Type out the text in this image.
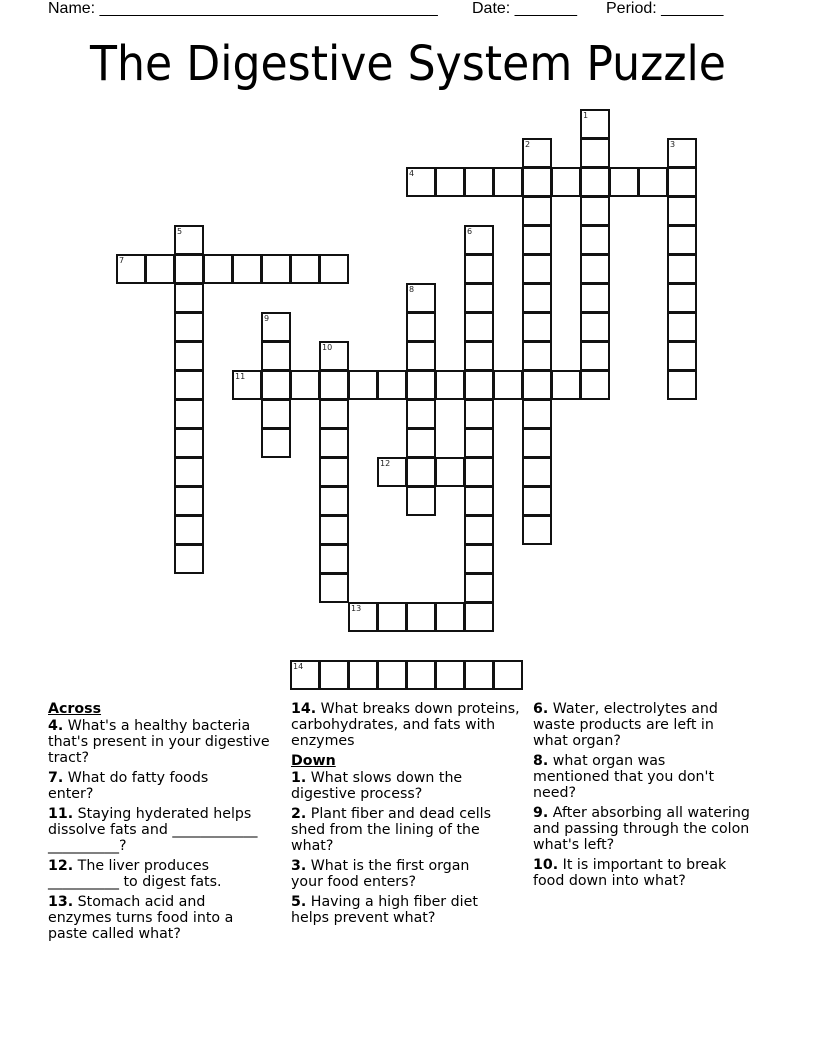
Name: ______________________________________

Date: _______

Period: _______

The Digestive System Puzzle
1
2	3
4
5	6
7
8
9
10
11
12
13
14
Across
4. What's a healthy bacteria that's present in your digestive tract?
7. What do fatty foods enter?
11. Staying hyderated helps dissolve fats and ____________ __________?
12. The liver produces __________ to digest fats.
13. Stomach acid and enzymes turns food into a paste called what?
14. What breaks down proteins, carbohydrates, and fats with enzymes
Down
1. What slows down the digestive process?
2. Plant fiber and dead cells shed from the lining of the what?
3. What is the first organ your food enters?
5. Having a high fiber diet helps prevent what?
6. Water, electrolytes and waste products are left in what organ?
8. what organ was mentioned that you don't need?
9. After absorbing all watering and passing through the colon what's left?
10. It is important to break food down into what?
